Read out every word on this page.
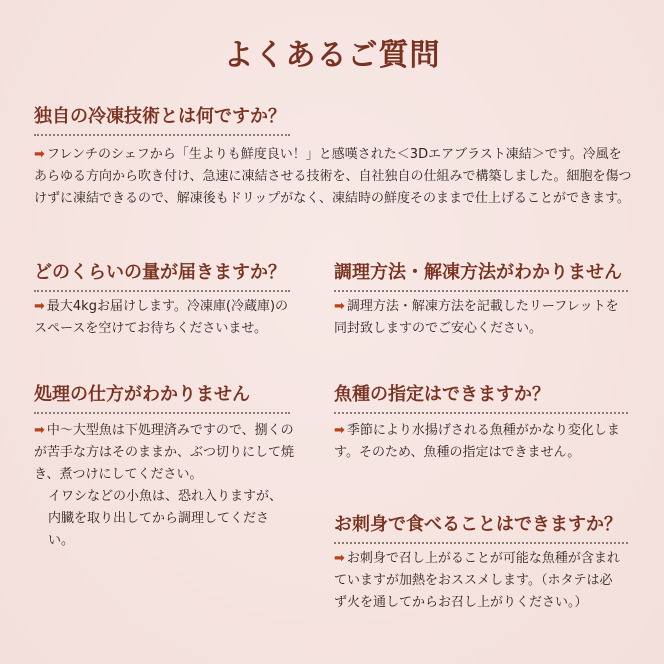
よくあるご質問
独自の冷凍技術とは何ですか？

➡ フレンチのシェフから「生よりも鮮度良い！」と感嘆された＜3Dエアブラスト凍結＞です。冷風をあらゆる方向から吹き付け、急速に凍結させる技術を、自社独自の仕組みで構築しました。細胞を傷つけずに凍結できるので、解凍後もドリップがなく、凍結時の鮮度そのままで仕上げることができます。

どのくらいの量が届きますか？

➡ 最大4kgお届けします。冷凍庫(冷蔵庫)のスペースを空けてお待ちくださいませ。

調理方法・解凍方法がわかりません

➡ 調理方法・解凍方法を記載したリーフレットを同封致しますのでご安心ください。

処理の仕方がわかりません

➡ 中～大型魚は下処理済みですので、捌くのが苦手な方はそのままか、ぶつ切りにして焼き、煮つけにしてください。

イワシなどの小魚は、恐れ入りますが、内臓を取り出してから調理してください。

魚種の指定はできますか？

➡ 季節により水揚げされる魚種がかなり変化します。そのため、魚種の指定はできません。

お刺身で食べることはできますか？

➡ お刺身で召し上がることが可能な魚種が含まれていますが加熱をおススメします。（ホタテは必ず火を通してからお召し上がりください。）
